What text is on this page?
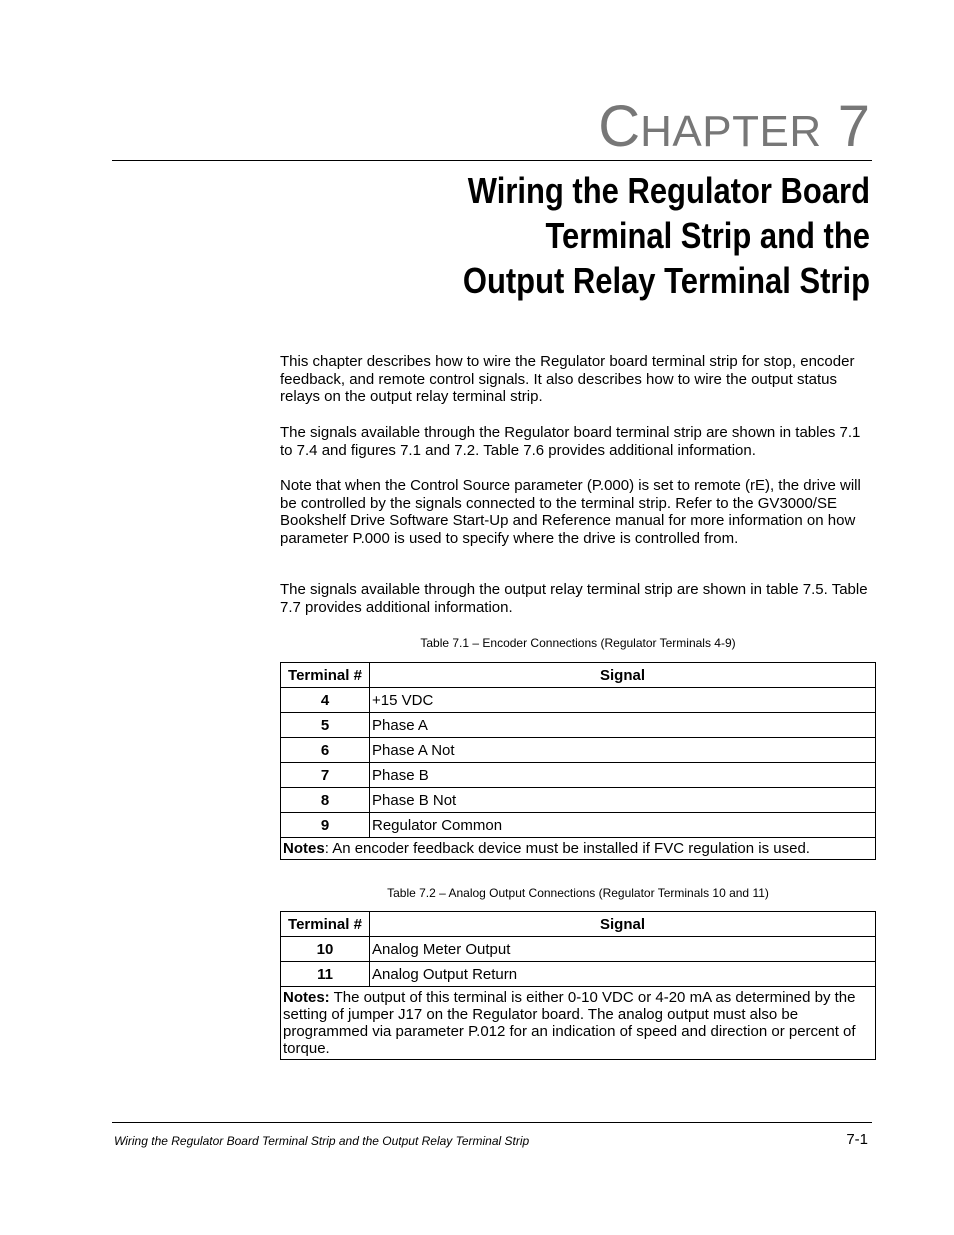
CHAPTER 7
Wiring the Regulator Board
Terminal Strip and the
Output Relay Terminal Strip

This chapter describes how to wire the Regulator board terminal strip for stop, encoder feedback, and remote control signals. It also describes how to wire the output status relays on the output relay terminal strip.

The signals available through the Regulator board terminal strip are shown in tables 7.1 to 7.4 and figures 7.1 and 7.2. Table 7.6 provides additional information.

Note that when the Control Source parameter (P.000) is set to remote (rE), the drive will be controlled by the signals connected to the terminal strip. Refer to the GV3000/SE Bookshelf Drive Software Start-Up and Reference manual for more information on how parameter P.000 is used to specify where the drive is controlled from.

The signals available through the output relay terminal strip are shown in table 7.5. Table 7.7 provides additional information.

Table 7.1 – Encoder Connections (Regulator Terminals 4-9)
Terminal #	Signal
4	+15 VDC
5	Phase A
6	Phase A Not
7	Phase B
8	Phase B Not
9	Regulator Common
Notes: An encoder feedback device must be installed if FVC regulation is used.	
Table 7.2 – Analog Output Connections (Regulator Terminals 10 and 11)
Terminal #	Signal
10	Analog Meter Output
11	Analog Output Return
Notes: The output of this terminal is either 0-10 VDC or 4-20 mA as determined by the setting of jumper J17 on the Regulator board. The analog output must also be programmed via parameter P.012 for an indication of speed and direction or percent of torque.	
Wiring the Regulator Board Terminal Strip and the Output Relay Terminal Strip	7-1
